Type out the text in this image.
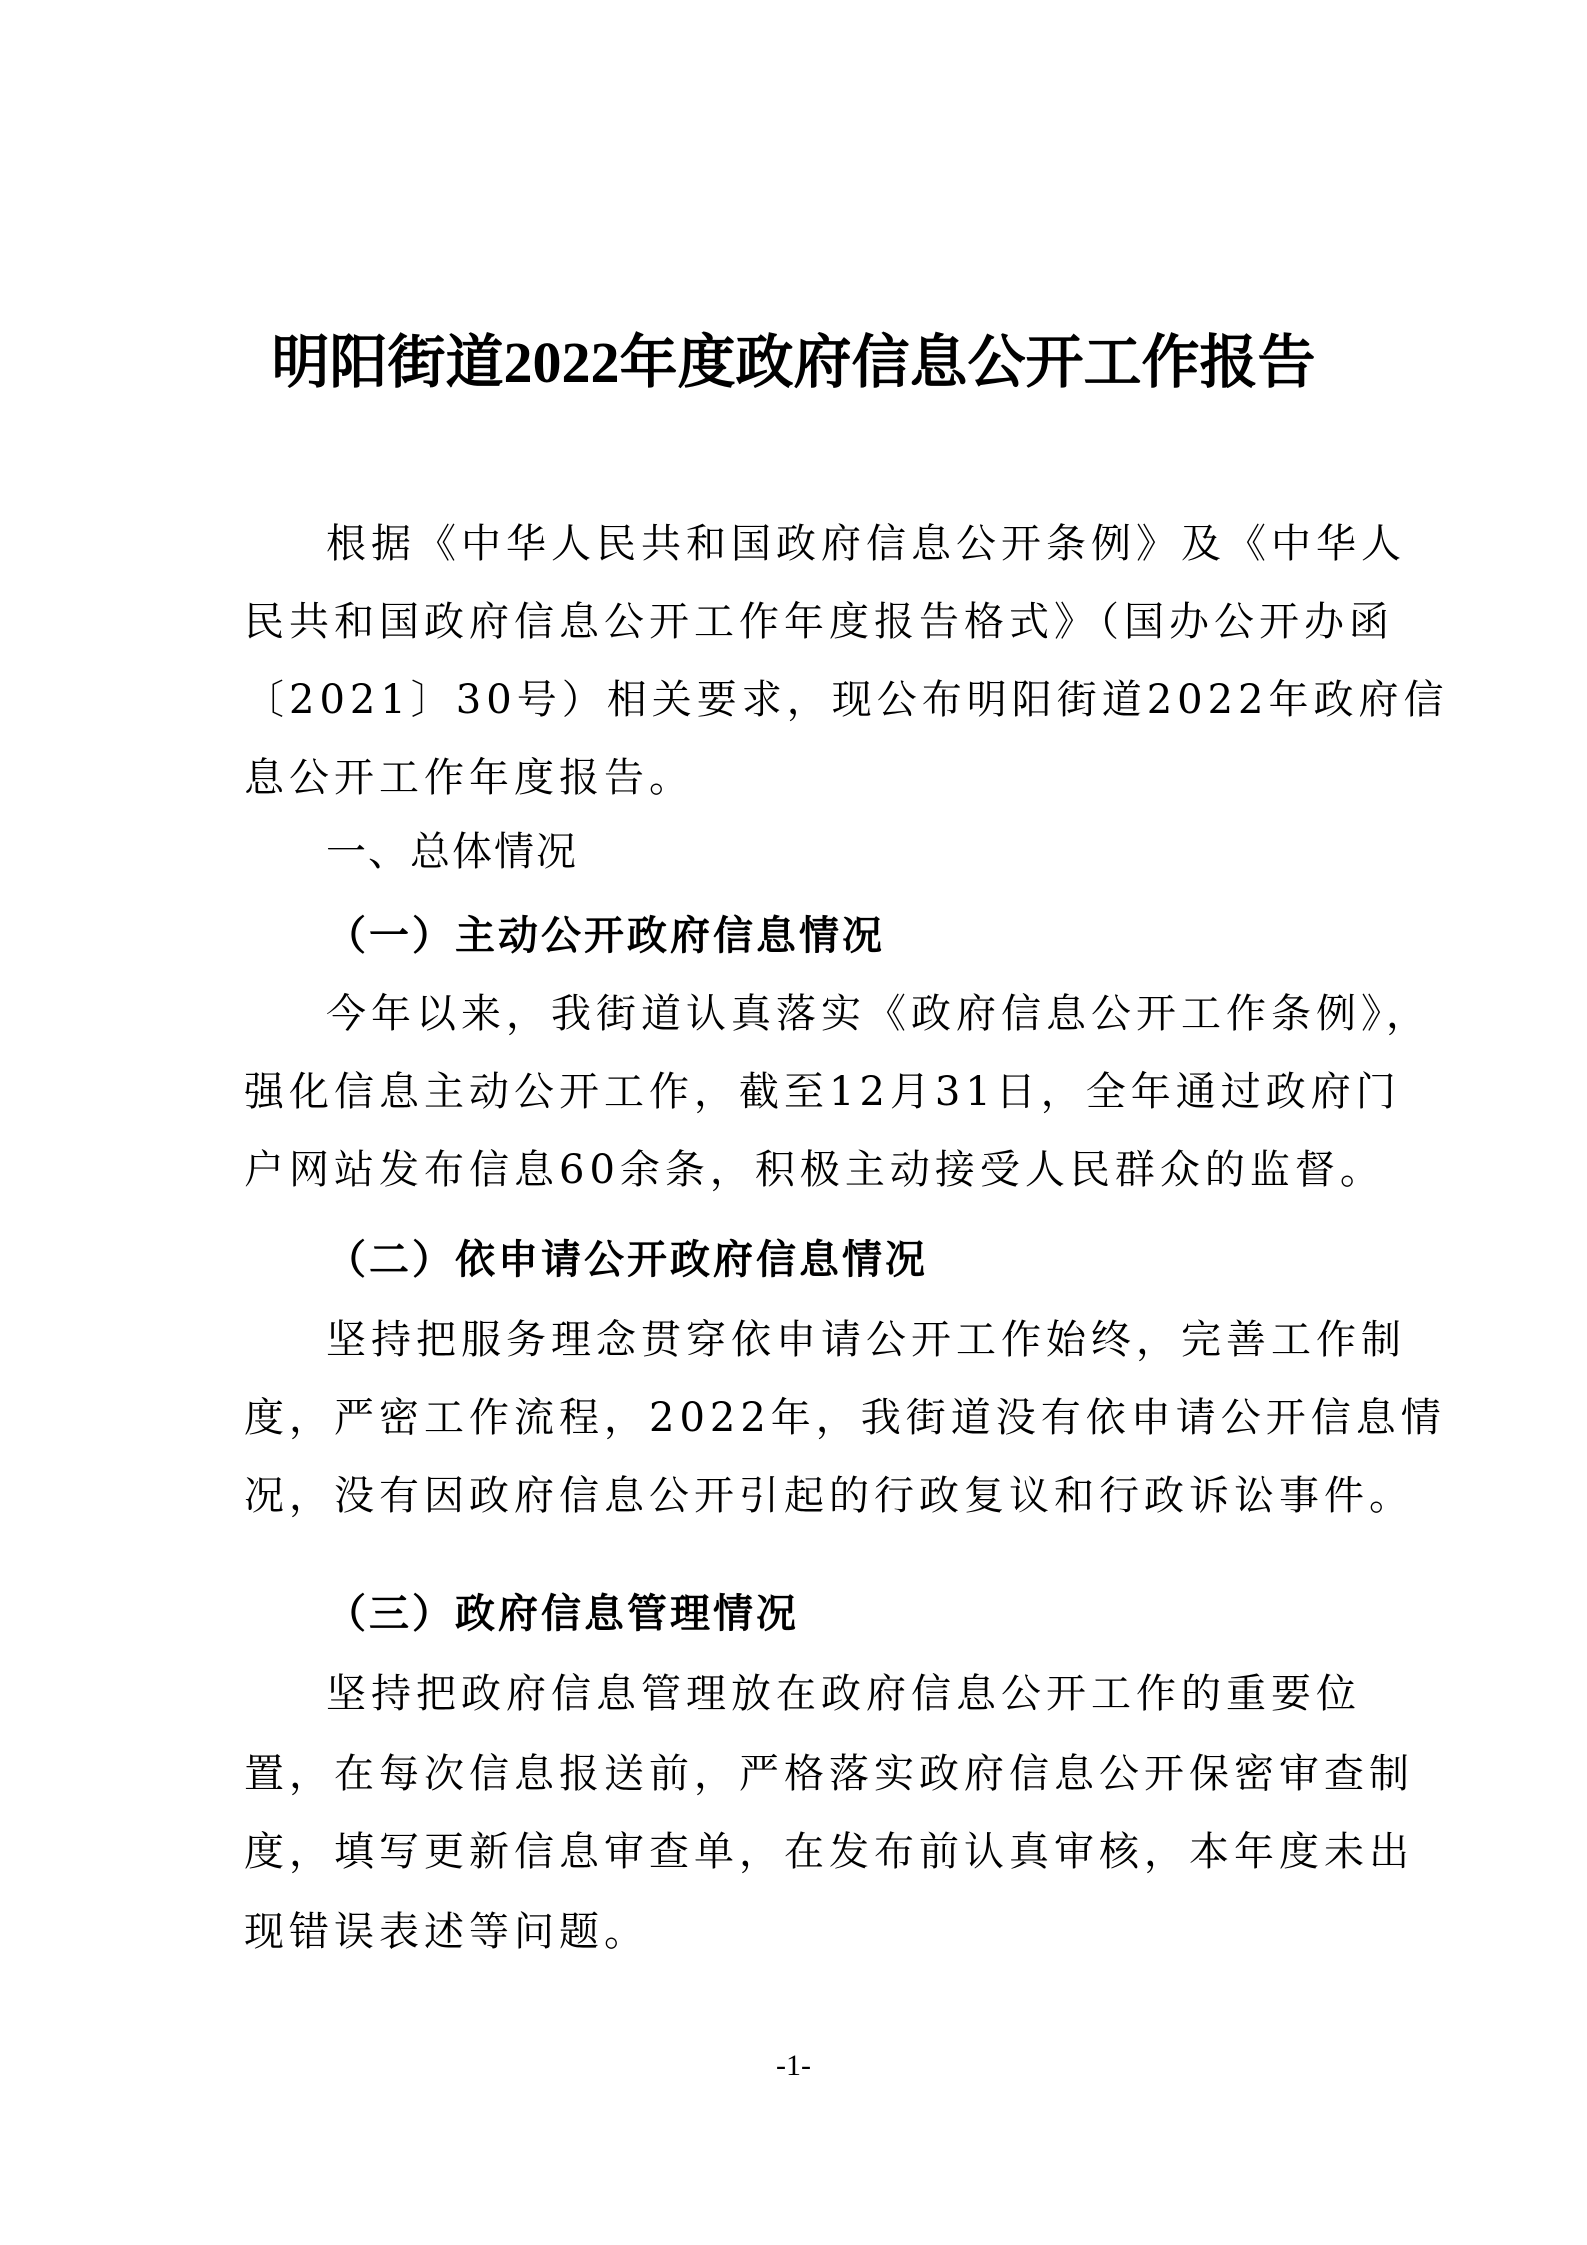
明阳街道2022年度政府信息公开工作报告
根据《中华人民共和国政府信息公开条例》及《中华人
民共和国政府信息公开工作年度报告格式》（国办公开办函
〔2021〕30号）相关要求，现公布明阳街道2022年政府信
息公开工作年度报告。
一、总体情况
（一）主动公开政府信息情况
今年以来，我街道认真落实《政府信息公开工作条例》，
强化信息主动公开工作，截至12月31日，全年通过政府门
户网站发布信息60余条，积极主动接受人民群众的监督。
（二）依申请公开政府信息情况
坚持把服务理念贯穿依申请公开工作始终，完善工作制
度，严密工作流程，2022年，我街道没有依申请公开信息情
况，没有因政府信息公开引起的行政复议和行政诉讼事件。
（三）政府信息管理情况
坚持把政府信息管理放在政府信息公开工作的重要位
置，在每次信息报送前，严格落实政府信息公开保密审查制
度，填写更新信息审查单，在发布前认真审核，本年度未出
现错误表述等问题。
-1-
